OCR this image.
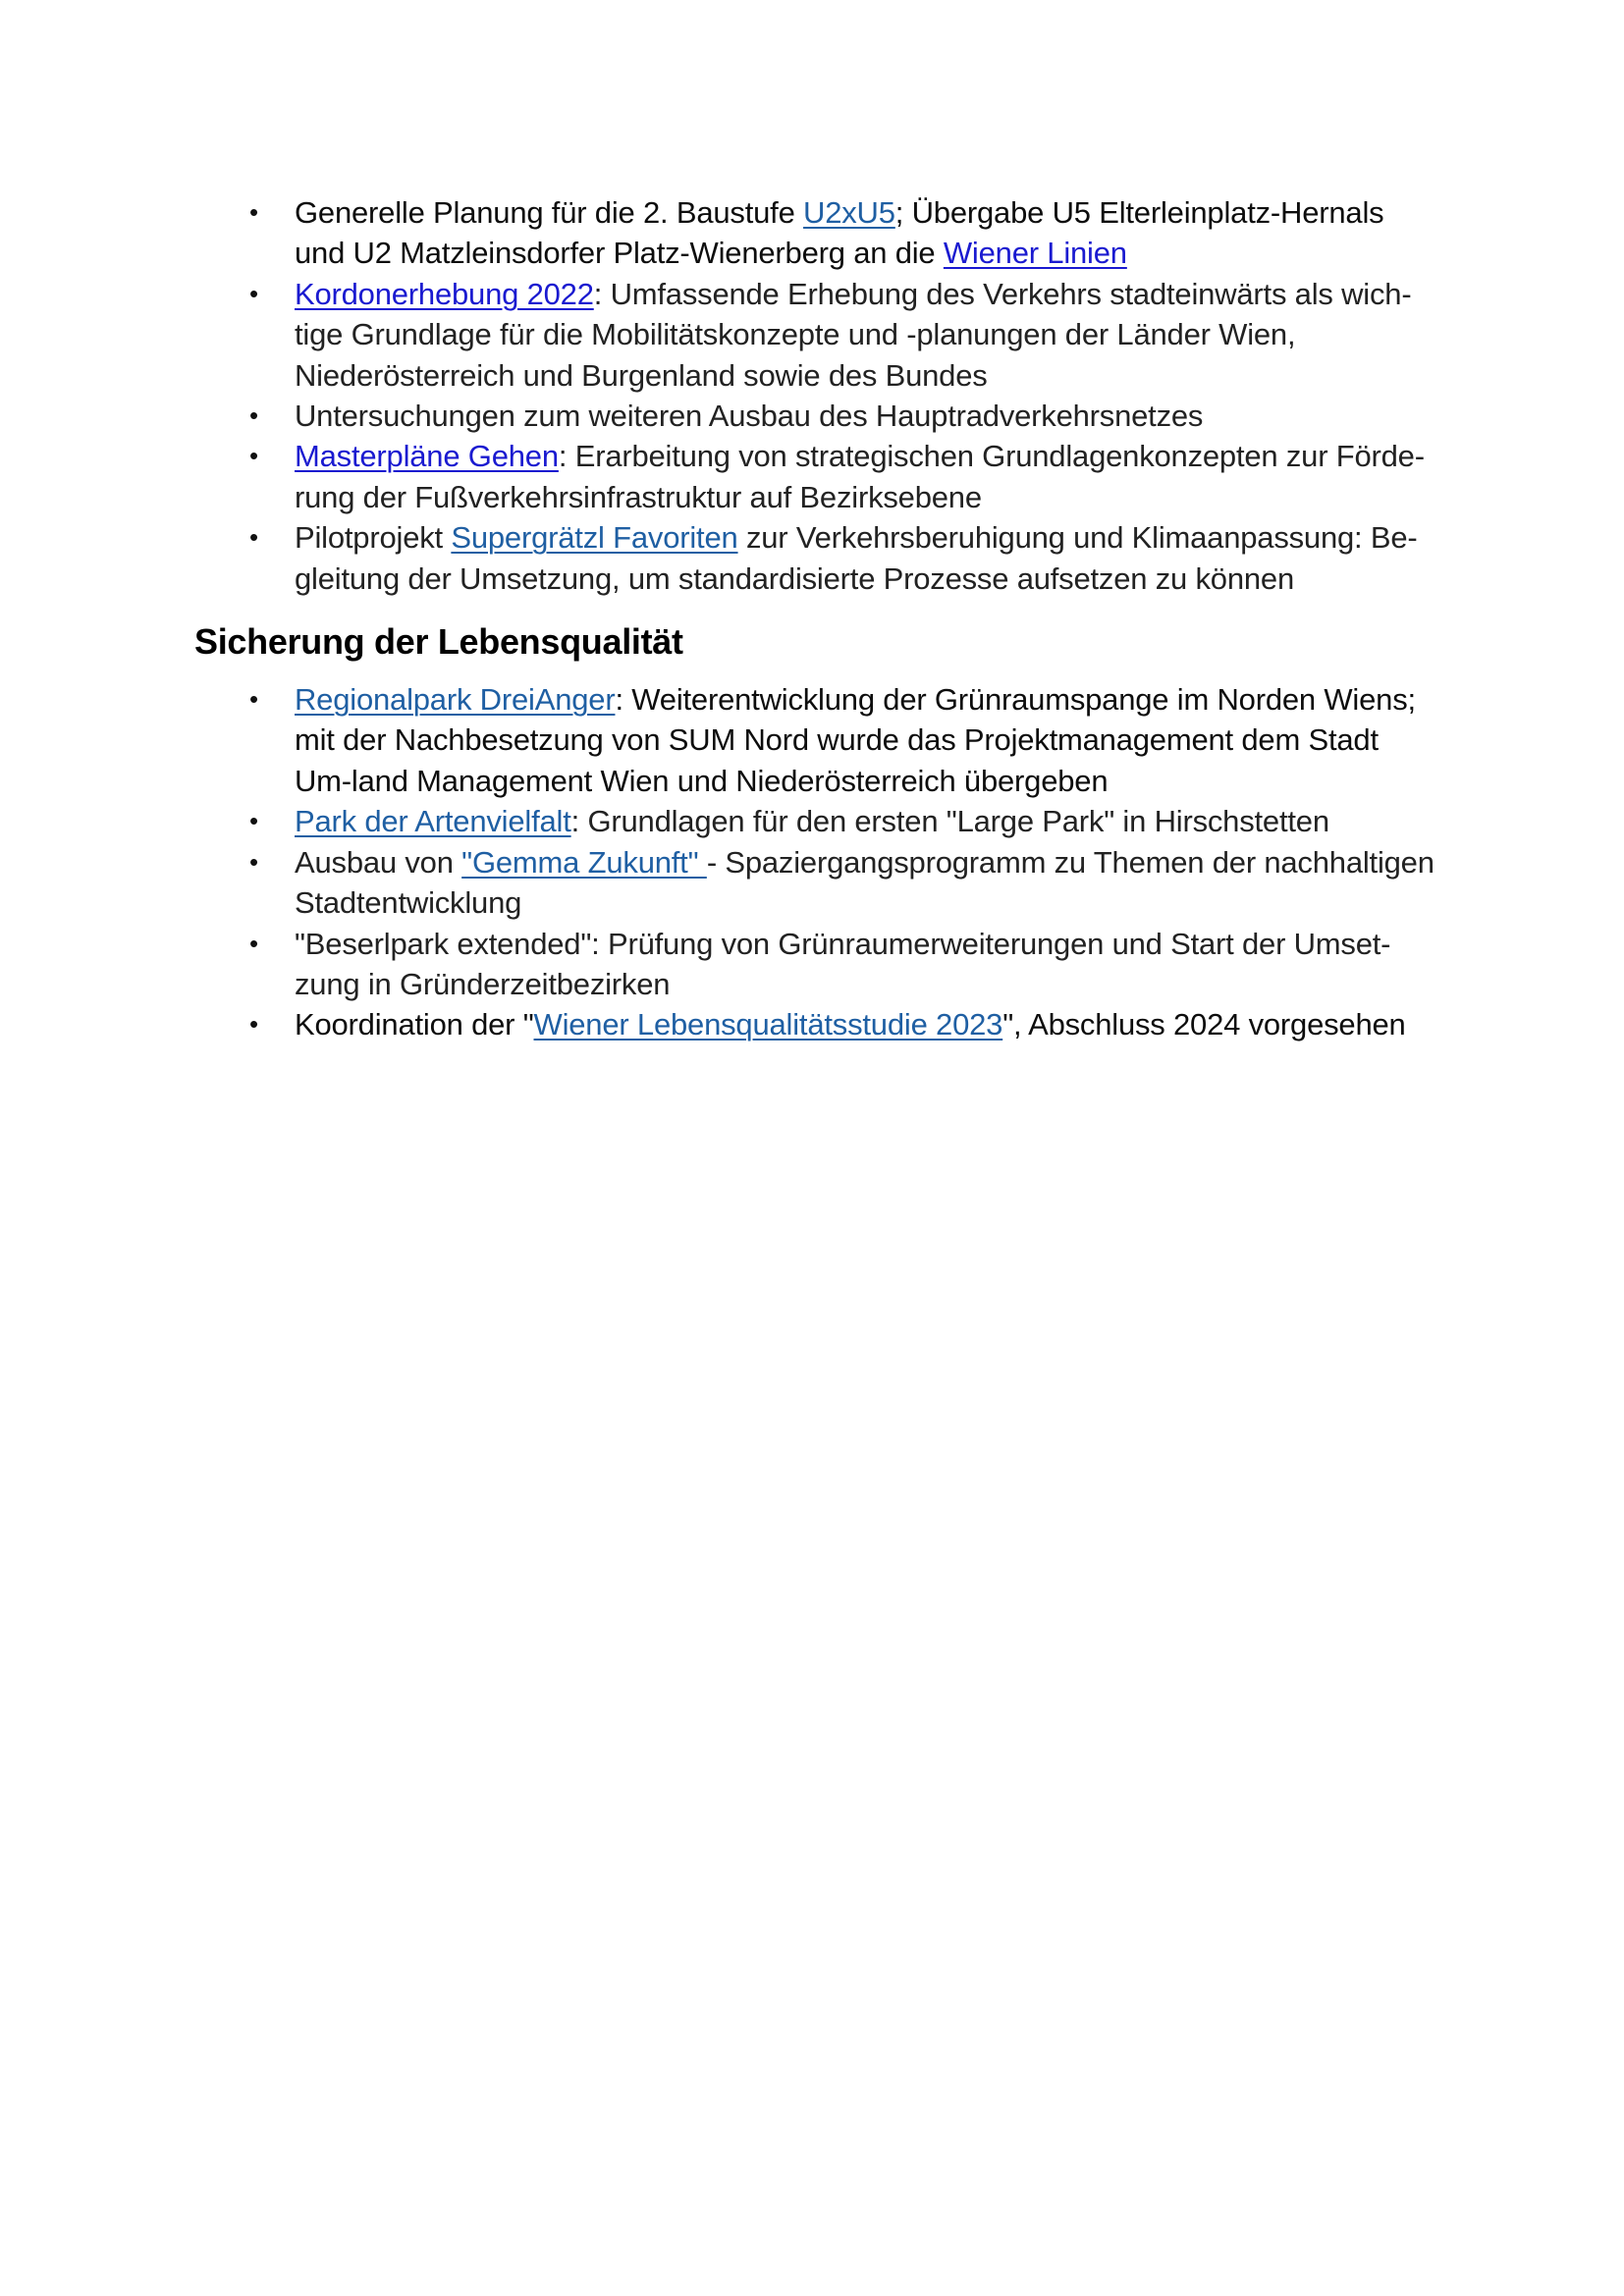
• Generelle Planung für die 2. Baustufe U2xU5; Übergabe U5 Elterleinplatz-Hernals und U2 Matzleinsdorfer Platz-Wienerberg an die Wiener Linien
• Kordonerhebung 2022: Umfassende Erhebung des Verkehrs stadteinwärts als wich-tige Grundlage für die Mobilitätskonzepte und -planungen der Länder Wien, Niederösterreich und Burgenland sowie des Bundes
• Untersuchungen zum weiteren Ausbau des Hauptradverkehrsnetzes
• Masterpläne Gehen: Erarbeitung von strategischen Grundlagenkonzepten zur Förde-rung der Fußverkehrsinfrastruktur auf Bezirksebene
• Pilotprojekt Supergrätzl Favoriten zur Verkehrsberuhigung und Klimaanpassung: Be-gleitung der Umsetzung, um standardisierte Prozesse aufsetzen zu können
Sicherung der Lebensqualität
• Regionalpark DreiAnger: Weiterentwicklung der Grünraumspange im Norden Wiens; mit der Nachbesetzung von SUM Nord wurde das Projektmanagement dem Stadt Um-land Management Wien und Niederösterreich übergeben
• Park der Artenvielfalt: Grundlagen für den ersten "Large Park" in Hirschstetten
• Ausbau von "Gemma Zukunft" - Spaziergangsprogramm zu Themen der nachhaltigen Stadtentwicklung
• "Beserlpark extended": Prüfung von Grünraumerweiterungen und Start der Umset-zung in Gründerzeitbezirken
• Koordination der "Wiener Lebensqualitätsstudie 2023", Abschluss 2024 vorgesehen
